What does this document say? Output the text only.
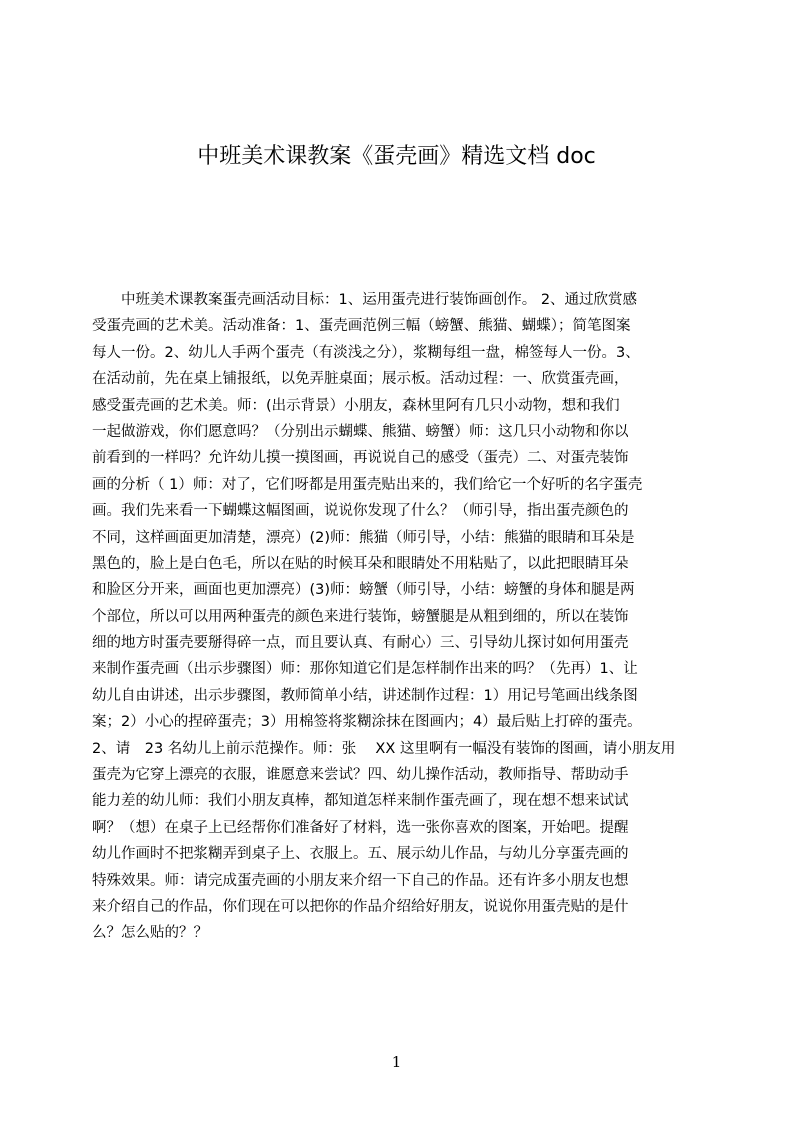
中班美术课教案《蛋壳画》精选文档 doc
　　中班美术课教案蛋壳画活动目标：1、运用蛋壳进行装饰画创作。 2、通过欣赏感
受蛋壳画的艺术美。活动准备：1、蛋壳画范例三幅（螃蟹、熊猫、蝴蝶）；简笔图案
每人一份。2、幼儿人手两个蛋壳（有淡浅之分），浆糊每组一盘，棉签每人一份。3、
在活动前，先在桌上铺报纸，以免弄脏桌面；展示板。活动过程：一、欣赏蛋壳画，
感受蛋壳画的艺术美。师：(出示背景）小朋友，森林里阿有几只小动物，想和我们
一起做游戏，你们愿意吗？（分别出示蝴蝶、熊猫、螃蟹）师：这几只小动物和你以
前看到的一样吗？允许幼儿摸一摸图画，再说说自己的感受（蛋壳）二、对蛋壳装饰
画的分析（ 1）师：对了，它们呀都是用蛋壳贴出来的，我们给它一个好听的名字蛋壳
画。我们先来看一下蝴蝶这幅图画，说说你发现了什么？（师引导，指出蛋壳颜色的
不同，这样画面更加清楚，漂亮）(2)师：熊猫（师引导，小结：熊猫的眼睛和耳朵是
黑色的，脸上是白色毛，所以在贴的时候耳朵和眼睛处不用粘贴了，以此把眼睛耳朵
和脸区分开来，画面也更加漂亮）(3)师：螃蟹（师引导，小结：螃蟹的身体和腿是两
个部位，所以可以用两种蛋壳的颜色来进行装饰，螃蟹腿是从粗到细的，所以在装饰
细的地方时蛋壳要掰得碎一点，而且要认真、有耐心）三、引导幼儿探讨如何用蛋壳
来制作蛋壳画（出示步骤图）师：那你知道它们是怎样制作出来的吗？（先再）1、让
幼儿自由讲述，出示步骤图，教师简单小结，讲述制作过程：1）用记号笔画出线条图
案；2）小心的捏碎蛋壳；3）用棉签将浆糊涂抹在图画内；4）最后贴上打碎的蛋壳。
2、请　23 名幼儿上前示范操作。师：张　 XX 这里啊有一幅没有装饰的图画，请小朋友用
蛋壳为它穿上漂亮的衣服，谁愿意来尝试？四、幼儿操作活动，教师指导、帮助动手
能力差的幼儿师：我们小朋友真棒，都知道怎样来制作蛋壳画了，现在想不想来试试
啊？（想）在桌子上已经帮你们准备好了材料，选一张你喜欢的图案，开始吧。提醒
幼儿作画时不把浆糊弄到桌子上、衣服上。五、展示幼儿作品，与幼儿分享蛋壳画的
特殊效果。师：请完成蛋壳画的小朋友来介绍一下自己的作品。还有许多小朋友也想
来介绍自己的作品，你们现在可以把你的作品介绍给好朋友，说说你用蛋壳贴的是什
么？怎么贴的？？
1
